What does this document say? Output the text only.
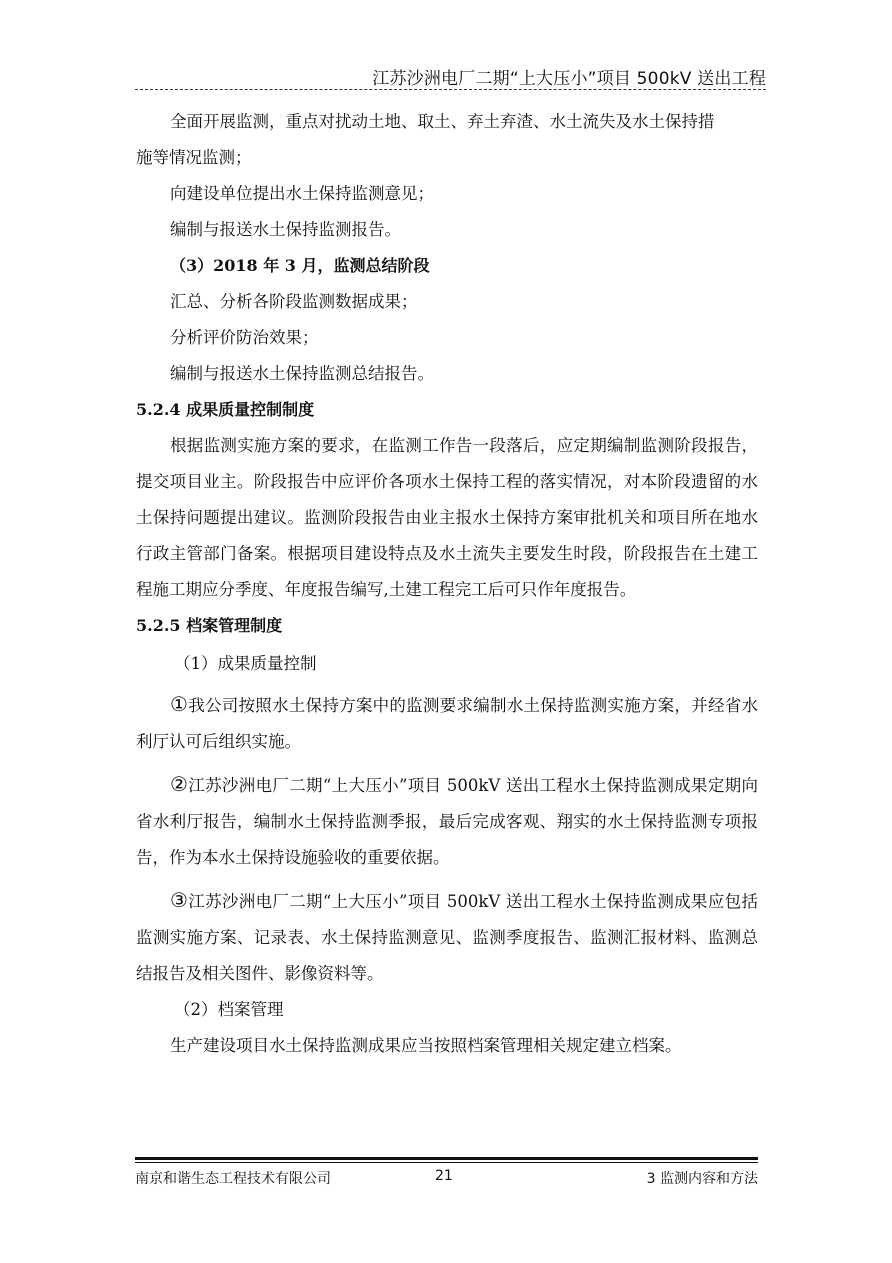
江苏沙洲电厂二期“上大压小”项目 500kV 送出工程
全面开展监测，重点对扰动土地、取土、弃土弃渣、水土流失及水土保持措
施等情况监测；
向建设单位提出水土保持监测意见；
编制与报送水土保持监测报告。
（3）2018 年 3 月，监测总结阶段
汇总、分析各阶段监测数据成果；
分析评价防治效果；
编制与报送水土保持监测总结报告。
5.2.4 成果质量控制制度

根据监测实施方案的要求，在监测工作告一段落后，应定期编制监测阶段报告，提交项目业主。阶段报告中应评价各项水土保持工程的落实情况，对本阶段遗留的水土保持问题提出建议。监测阶段报告由业主报水土保持方案审批机关和项目所在地水行政主管部门备案。根据项目建设特点及水土流失主要发生时段，阶段报告在土建工程施工期应分季度、年度报告编写,土建工程完工后可只作年度报告。

5.2.5 档案管理制度
（1）成果质量控制

①我公司按照水土保持方案中的监测要求编制水土保持监测实施方案，并经省水利厅认可后组织实施。

②江苏沙洲电厂二期“上大压小”项目 500kV 送出工程水土保持监测成果定期向省水利厅报告，编制水土保持监测季报，最后完成客观、翔实的水土保持监测专项报告，作为本水土保持设施验收的重要依据。

③江苏沙洲电厂二期“上大压小”项目 500kV 送出工程水土保持监测成果应包括监测实施方案、记录表、水土保持监测意见、监测季度报告、监测汇报材料、监测总结报告及相关图件、影像资料等。

（2）档案管理
生产建设项目水土保持监测成果应当按照档案管理相关规定建立档案。
南京和谐生态工程技术有限公司	21	3 监测内容和方法
